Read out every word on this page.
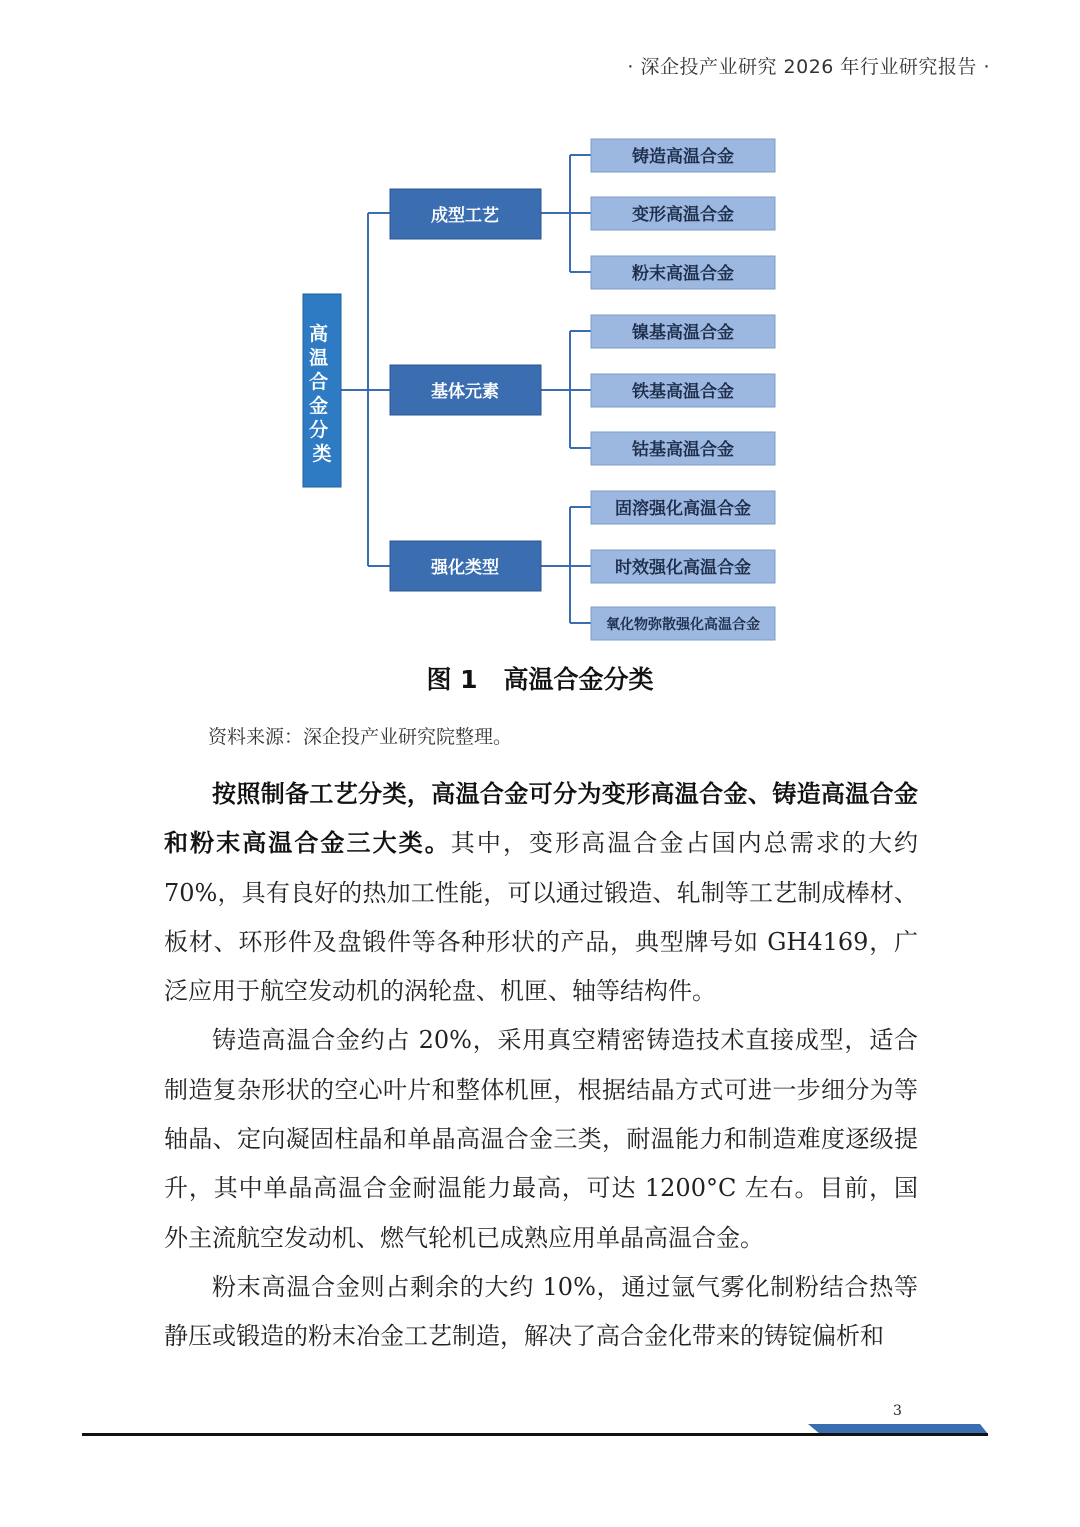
· 深企投产业研究 2026 年行业研究报告 ·
高 温 合 金 分 类
成型工艺
基体元素
强化类型
铸造高温合金
变形高温合金
粉末高温合金
镍基高温合金
铁基高温合金
钴基高温合金
固溶强化高温合金
时效强化高温合金
氧化物弥散强化高温合金
图 1 高温合金分类
资料来源：深企投产业研究院整理。

按照制备工艺分类，高温合金可分为变形高温合金、铸造高温合金和粉末高温合金三大类。其中，变形高温合金占国内总需求的大约70%，具有良好的热加工性能，可以通过锻造、轧制等工艺制成棒材、板材、环形件及盘锻件等各种形状的产品，典型牌号如 GH4169，广泛应用于航空发动机的涡轮盘、机匣、轴等结构件。

铸造高温合金约占 20%，采用真空精密铸造技术直接成型，适合制造复杂形状的空心叶片和整体机匣，根据结晶方式可进一步细分为等轴晶、定向凝固柱晶和单晶高温合金三类，耐温能力和制造难度逐级提升，其中单晶高温合金耐温能力最高，可达 1200°C 左右。目前，国外主流航空发动机、燃气轮机已成熟应用单晶高温合金。

粉末高温合金则占剩余的大约 10%，通过氩气雾化制粉结合热等静压或锻造的粉末冶金工艺制造，解决了高合金化带来的铸锭偏析和

3
